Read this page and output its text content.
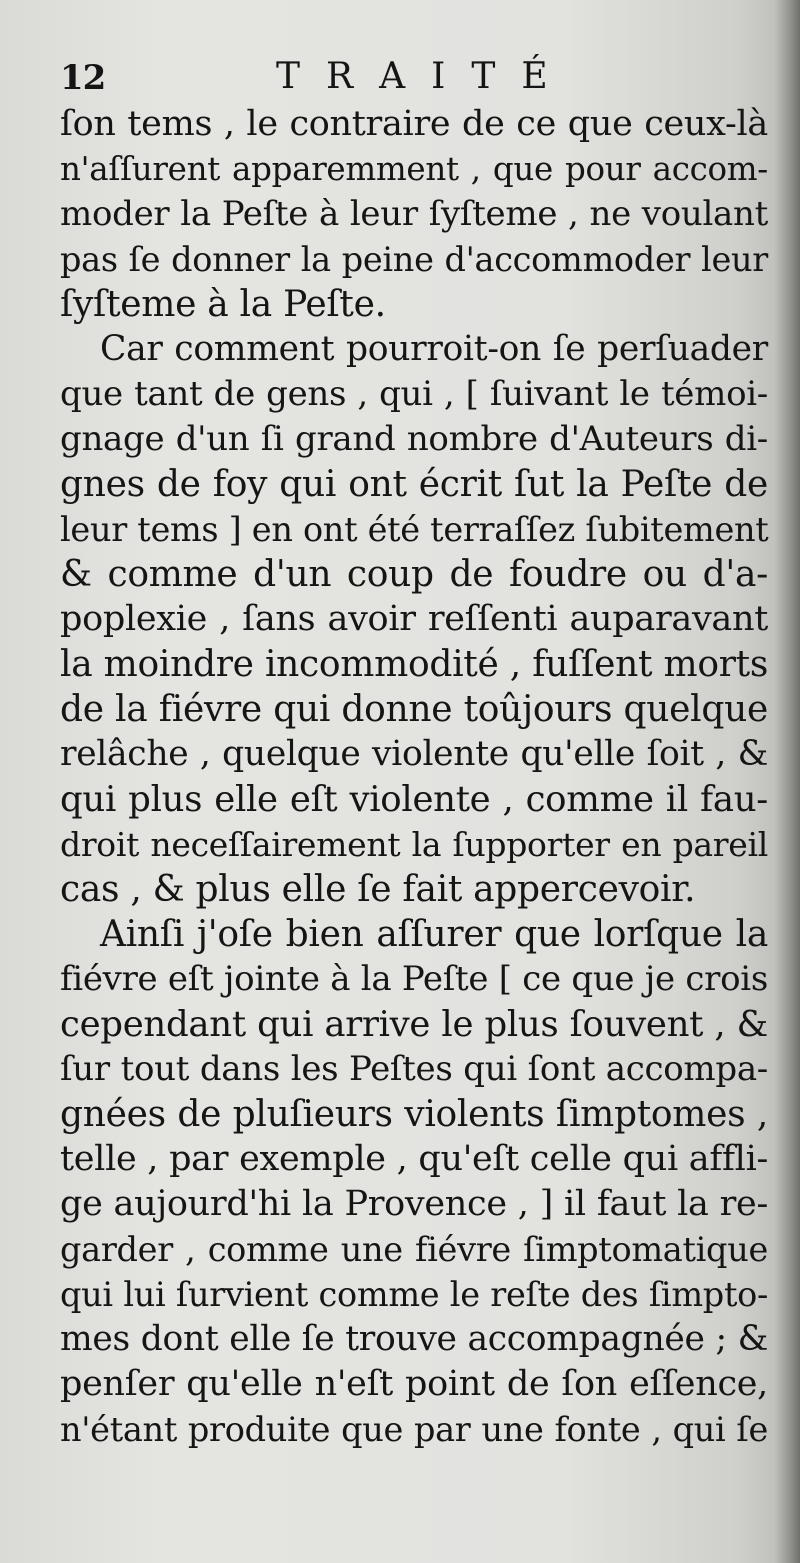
12	TRAITÉ
ſon tems , le contraire de ce que ceux-là
n'aſſurent apparemment , que pour accom-
moder la Peſte à leur ſyſteme , ne voulant
pas ſe donner la peine d'accommoder leur
ſyſteme à la Peſte.
Car comment pourroit-on ſe perſuader
que tant de gens , qui , [ ſuivant le témoi-
gnage d'un ſi grand nombre d'Auteurs di-
gnes de foy qui ont écrit ſut la Peſte de
leur tems ] en ont été terraſſez ſubitement
& comme d'un coup de foudre ou d'a-
poplexie , ſans avoir reſſenti auparavant
la moindre incommodité , fuſſent morts
de la fiévre qui donne toûjours quelque
relâche , quelque violente qu'elle ſoit , &
qui plus elle eſt violente , comme il fau-
droit neceſſairement la ſupporter en pareil
cas , & plus elle ſe fait appercevoir.
Ainſi j'oſe bien aſſurer que lorſque la
fiévre eſt jointe à la Peſte [ ce que je crois
cependant qui arrive le plus ſouvent , &
ſur tout dans les Peſtes qui ſont accompa-
gnées de pluſieurs violents ſimptomes ,
telle , par exemple , qu'eſt celle qui affli-
ge aujourd'hi la Provence , ] il faut la re-
garder , comme une fiévre ſimptomatique
qui lui ſurvient comme le reſte des ſimpto-
mes dont elle ſe trouve accompagnée ; &
penſer qu'elle n'eſt point de ſon eſſence,
n'étant produite que par une fonte , qui ſe
